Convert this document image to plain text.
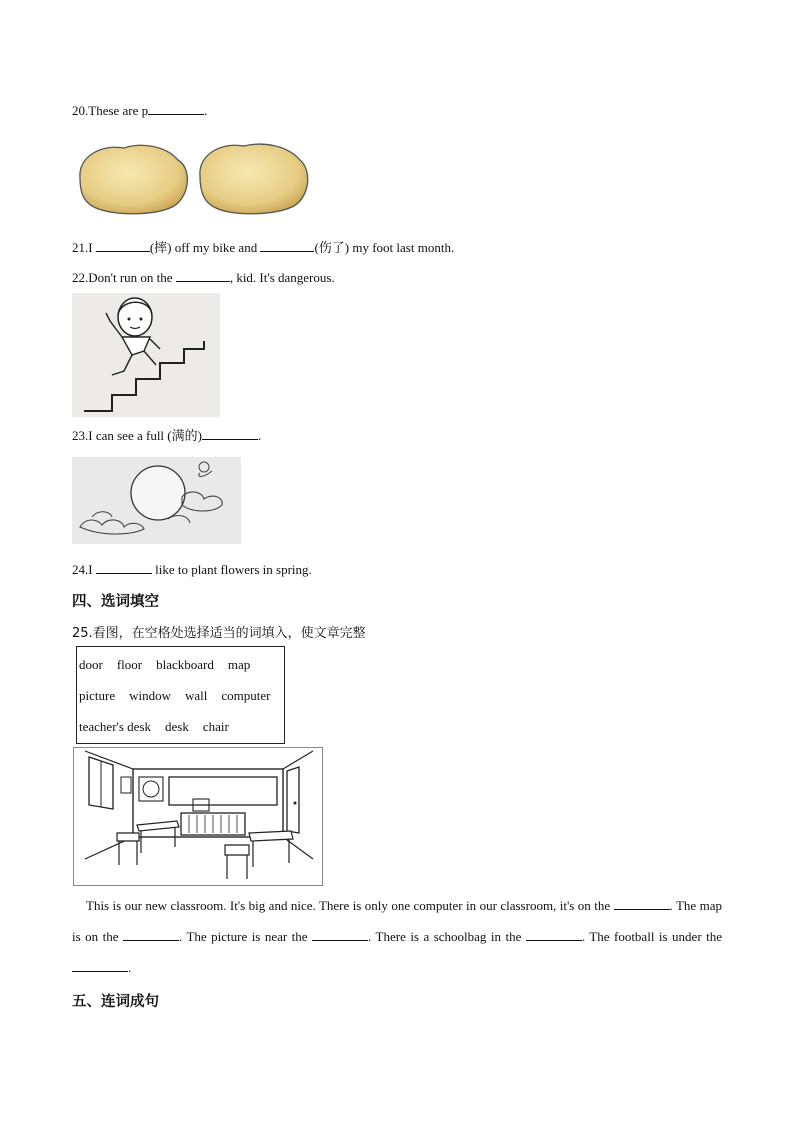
20.These are p	.
21.I	(摔) off my bike and	(伤了) my foot last month.
22.Don't run on the	, kid. It's dangerous.
23.I can see a full (满的)	.
24.I	like to plant flowers in spring.
四、选词填空
25.看图，在空格处选择适当的词填入，使文章完整
door floor blackboard map
picture window wall computer
teacher's desk desk chair
This is our new classroom. It's big and nice. There is only one computer in our classroom, it's on the	. The map is on the	. The picture is near the	. There is a schoolbag in the	. The football is under the .
五、连词成句
